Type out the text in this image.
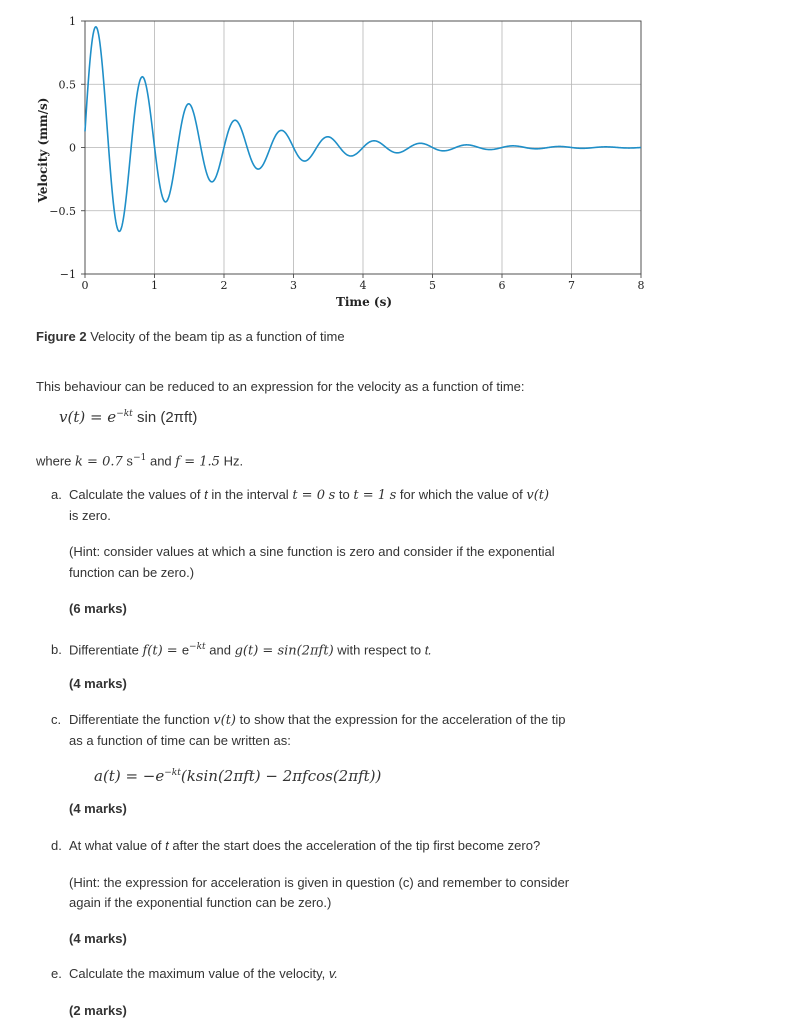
Velocity (mm/s)
Time (s)
0	1	2	3	4	5	6	7	8
1
0.5
0
−0.5
−1
Figure 2 Velocity of the beam tip as a function of time
This behaviour can be reduced to an expression for the velocity as a function of time:
$v(t) = e^{-kt}$ sin (2πft)
where k = 0.7 $s^{-1}$ and f = 1.5 Hz.
a. Calculate the values of t in the interval t = 0 s to t = 1 s for which the value of v(t)
is zero.
(Hint: consider values at which a sine function is zero and consider if the exponential
function can be zero.)
(6 marks)
b. Differentiate $f(t) = e^{-kt}$ and g(t) = sin(2πft) with respect to t.
(4 marks)
c. Differentiate the function v(t) to show that the expression for the acceleration of the tip
as a function of time can be written as:
$a(t) = -e^{-kt}(ksin(2\pi ft) - 2\pi fcos(2\pi ft))$
(4 marks)
d. At what value of t after the start does the acceleration of the tip first become zero?
(Hint: the expression for acceleration is given in question (c) and remember to consider
again if the exponential function can be zero.)
(4 marks)
e. Calculate the maximum value of the velocity, v.
(2 marks)
